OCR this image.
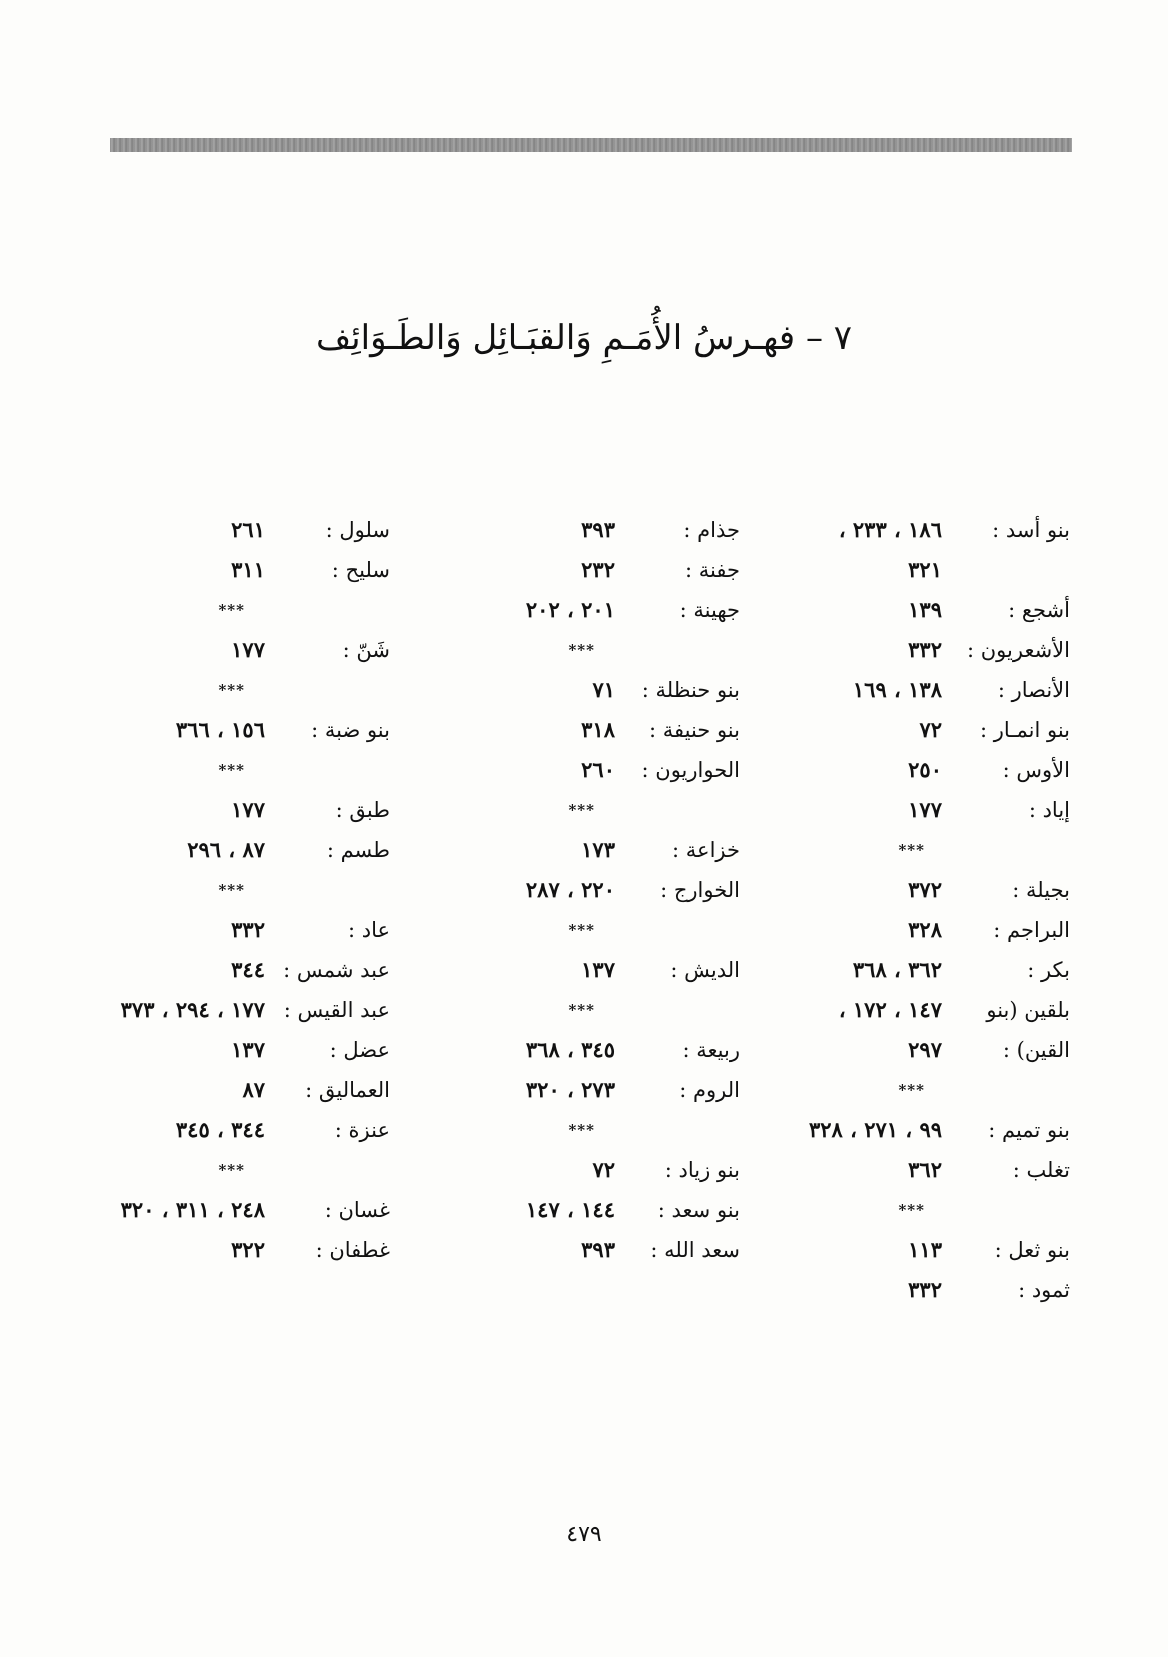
٧ – فهـرسُ الأُمَـمِ وَالقبَـائِل وَالطَـوَائِف
بنو أسد :
١٨٦ ، ٢٣٣ ،
٣٢١
أشجع :
١٣٩
الأشعريون :
٣٣٢
الأنصار :
١٣٨ ، ١٦٩
بنو انمـار :
٧٢
الأوس :
٢٥٠
إياد :
١٧٧
***
بجيلة :
٣٧٢
البراجم :
٣٢٨
بكر :
٣٦٢ ، ٣٦٨
بلقين (بنو
١٤٧ ، ١٧٢ ،
القين) :
٢٩٧
***
بنو تميم :
٩٩ ، ٢٧١ ، ٣٢٨
تغلب :
٣٦٢
***
بنو ثعل :
١١٣
ثمود :
٣٣٢
جذام :
٣٩٣
جفنة :
٢٣٢
جهينة :
٢٠١ ، ٢٠٢
***
بنو حنظلة :
٧١
بنو حنيفة :
٣١٨
الحواريون :
٢٦٠
***
خزاعة :
١٧٣
الخوارج :
٢٢٠ ، ٢٨٧
***
الديش :
١٣٧
***
ربيعة :
٣٤٥ ، ٣٦٨
الروم :
٢٧٣ ، ٣٢٠
***
بنو زياد :
٧٢
بنو سعد :
١٤٤ ، ١٤٧
سعد الله :
٣٩٣
سلول :
٢٦١
سليح :
٣١١
***
شَنّ :
١٧٧
***
بنو ضبة :
١٥٦ ، ٣٦٦
***
طبق :
١٧٧
طسم :
٨٧ ، ٢٩٦
***
عاد :
٣٣٢
عبد شمس :
٣٤٤
عبد القيس :
١٧٧ ، ٢٩٤ ، ٣٧٣
عضل :
١٣٧
العماليق :
٨٧
عنزة :
٣٤٤ ، ٣٤٥
***
غسان :
٢٤٨ ، ٣١١ ، ٣٢٠
غطفان :
٣٢٢
٤٧٩
